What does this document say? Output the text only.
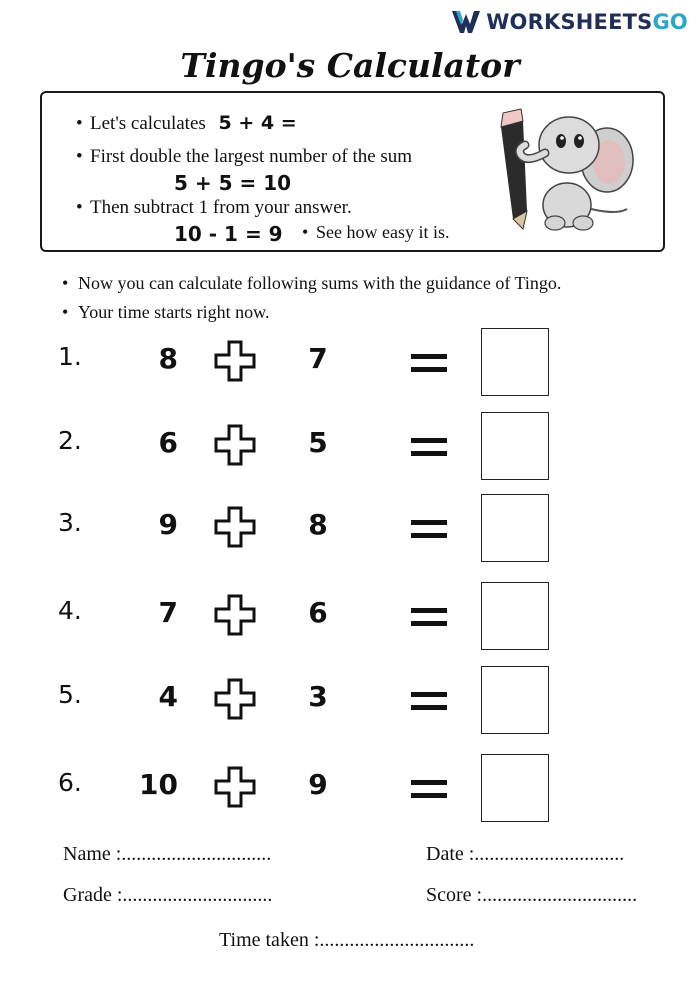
WORKSHEETSGO
Tingo's Calculator
• Let's calculates 5 + 4 =
• First double the largest number of the sum
5 + 5 = 10
• Then subtract 1 from your answer.
10 - 1 = 9 • See how easy it is.
• Now you can calculate following sums with the guidance of Tingo.
• Your time starts right now.
1.	8	7
2.	6	5
3.	9	8
4.	7	6
5.	4	3
6.	10	9
Name :..............................	Date :..............................
Grade :..............................	Score :...............................
Time taken :...............................
